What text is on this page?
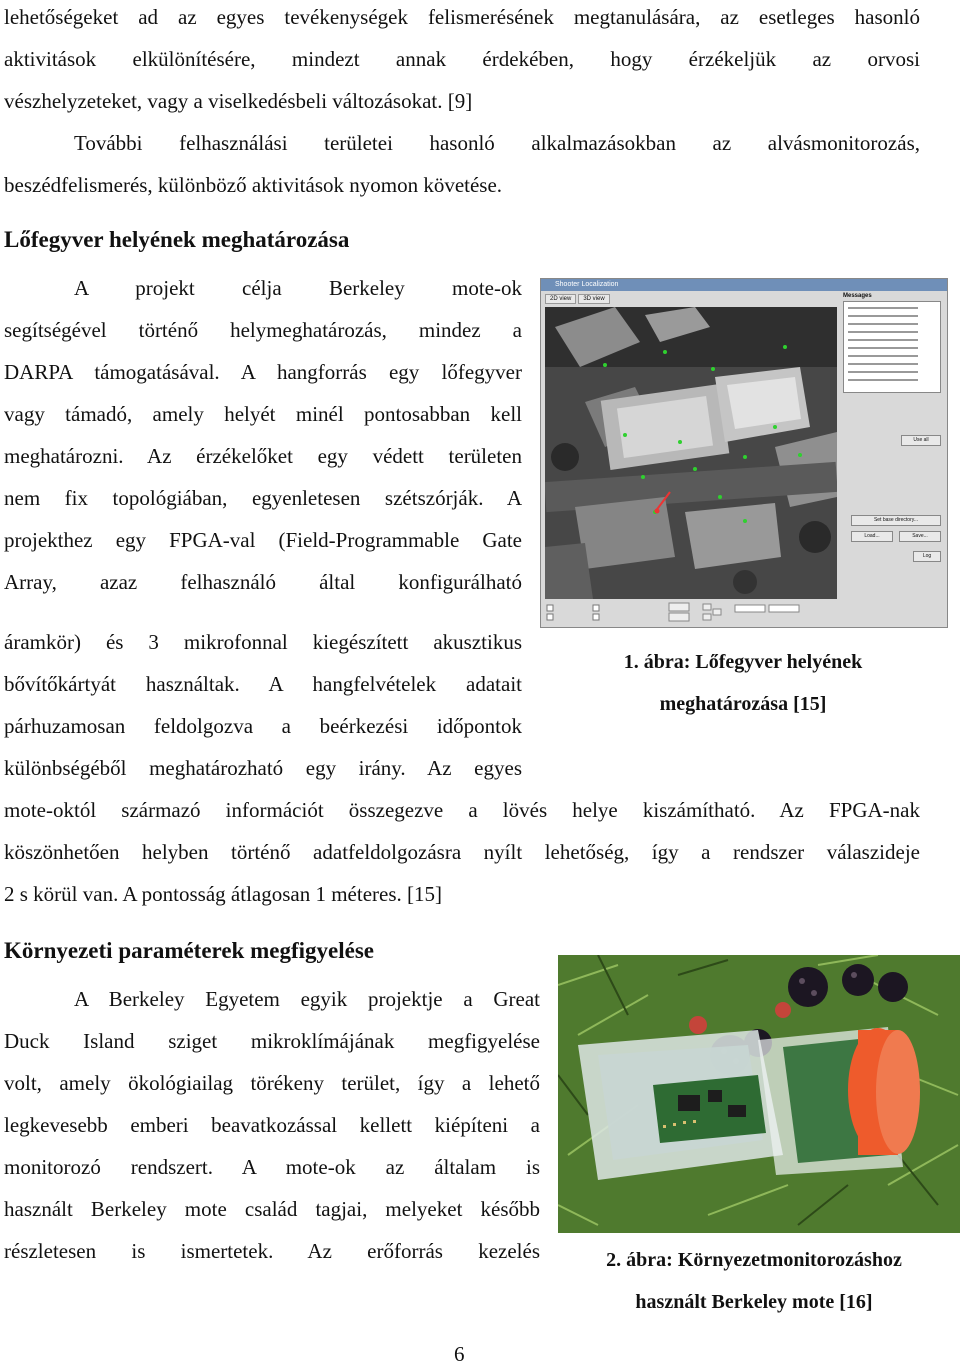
lehetőségeket ad az egyes tevékenységek felismerésének megtanulására, az esetleges hasonló
aktivitások elkülönítésére, mindezt annak érdekében, hogy érzékeljük az orvosi
vészhelyzeteket, vagy a viselkedésbeli változásokat. [9]
További felhasználási területei hasonló alkalmazásokban az alvásmonitorozás,
beszédfelismerés, különböző aktivitások nyomon követése.
Lőfegyver helyének meghatározása
A projekt célja Berkeley mote-ok
segítségével történő helymeghatározás, mindez a
DARPA támogatásával. A hangforrás egy lőfegyver
vagy támadó, amely helyét minél pontosabban kell
meghatározni. Az érzékelőket egy védett területen
nem fix topológiában, egyenletesen szétszórják. A
projekthez egy FPGA-val (Field-Programmable Gate
Array, azaz felhasználó által konfigurálható
áramkör) és 3 mikrofonnal kiegészített akusztikus
bővítőkártyát használtak. A hangfelvételek adatait
párhuzamosan feldolgozva a beérkezési időpontok
különbségéből meghatározható egy irány. Az egyes
mote-októl származó információt összegezve a lövés helye kiszámítható. Az FPGA-nak
köszönhetően helyben történő adatfeldolgozásra nyílt lehetőség, így a rendszer válaszideje
2 s körül van. A pontosság átlagosan 1 méteres. [15]
Shooter Localization
2D view	3D view	Messages
Use all
Set base directory...
Load...	Save...
Log
1. ábra: Lőfegyver helyének
meghatározása [15]
Környezeti paraméterek megfigyelése
A Berkeley Egyetem egyik projektje a Great
Duck Island sziget mikroklímájának megfigyelése
volt, amely ökológiailag törékeny terület, így a lehető
legkevesebb emberi beavatkozással kellett kiépíteni a
monitorozó rendszert. A mote-ok az általam is
használt Berkeley mote család tagjai, melyeket később
részletesen is ismertetek. Az erőforrás kezelés	2. ábra: Környezetmonitorozáshoz
használt Berkeley mote [16]
6
